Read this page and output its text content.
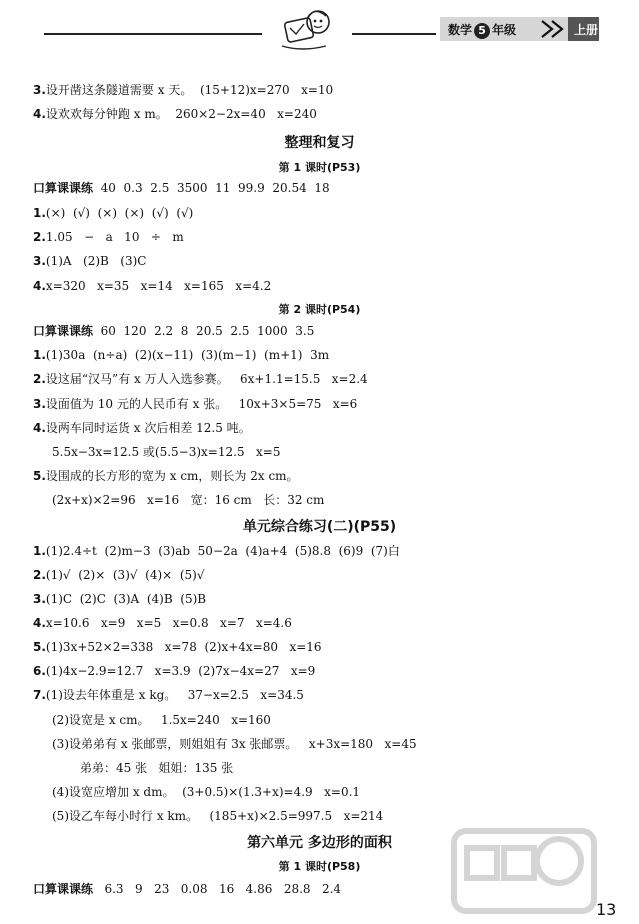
数学 5 年级	上册
3.设开凿这条隧道需要 x 天。  (15+12)x=270   x=10
4.设欢欢每分钟跑 x m。  260×2−2x=40   x=240
整理和复习
第 1 课时(P53)
口算课课练  40  0.3  2.5  3500  11  99.9  20.54  18
1.(×)  (√)  (×)  (×)  (√)  (√)
2.1.05   −   a   10   ÷   m
3.(1)A   (2)B   (3)C
4.x=320   x=35   x=14   x=165   x=4.2
第 2 课时(P54)
口算课课练  60  120  2.2  8  20.5  2.5  1000  3.5
1.(1)30a  (n÷a)  (2)(x−11)  (3)(m−1)  (m+1)  3m
2.设这届“汉马”有 x 万人入选参赛。   6x+1.1=15.5   x=2.4
3.设面值为 10 元的人民币有 x 张。   10x+3×5=75   x=6
4.设两车同时运货 x 次后相差 12.5 吨。
5.5x−3x=12.5 或(5.5−3)x=12.5   x=5
5.设围成的长方形的宽为 x cm，则长为 2x cm。
(2x+x)×2=96   x=16   宽：16 cm   长：32 cm
单元综合练习(二)(P55)
1.(1)2.4÷t  (2)m−3  (3)ab  50−2a  (4)a+4  (5)8.8  (6)9  (7)白
2.(1)√  (2)×  (3)√  (4)×  (5)√
3.(1)C  (2)C  (3)A  (4)B  (5)B
4.x=10.6   x=9   x=5   x=0.8   x=7   x=4.6
5.(1)3x+52×2=338   x=78  (2)x+4x=80   x=16
6.(1)4x−2.9=12.7   x=3.9  (2)7x−4x=27   x=9
7.(1)设去年体重是 x kg。   37−x=2.5   x=34.5
(2)设宽是 x cm。   1.5x=240   x=160
(3)设弟弟有 x 张邮票，则姐姐有 3x 张邮票。   x+3x=180   x=45
弟弟：45 张   姐姐：135 张
(4)设宽应增加 x dm。  (3+0.5)×(1.3+x)=4.9   x=0.1
(5)设乙车每小时行 x km。   (185+x)×2.5=997.5   x=214
第六单元 多边形的面积
第 1 课时(P58)
口算课课练   6.3   9   23   0.08   16   4.86   28.8   2.4
13
